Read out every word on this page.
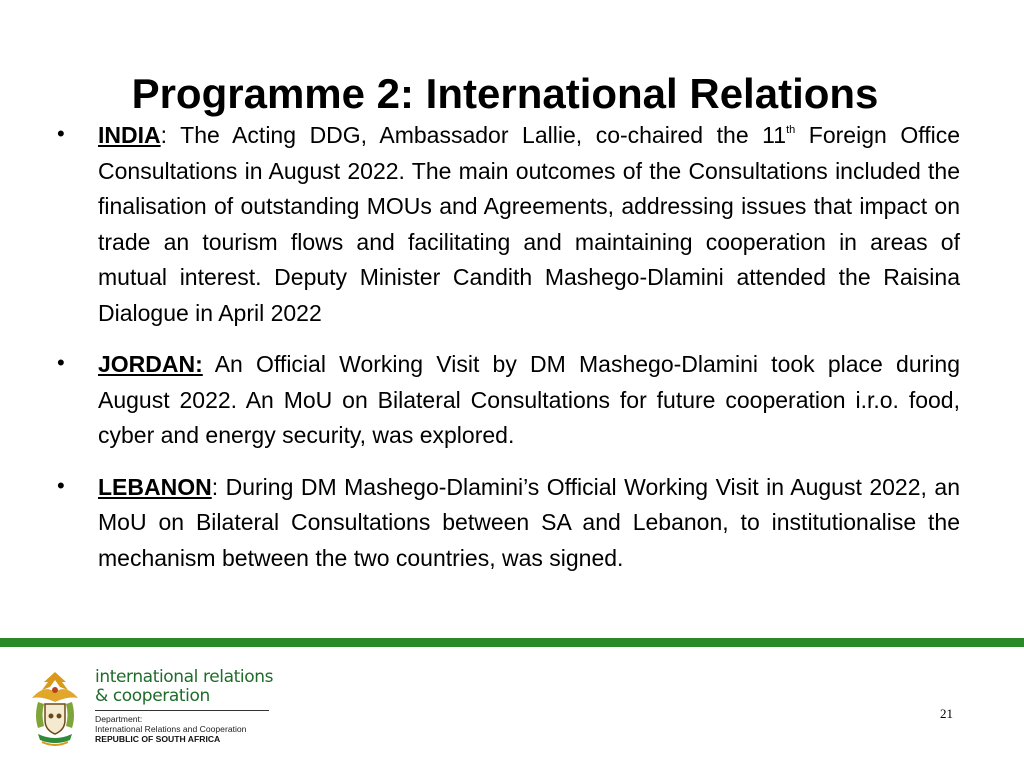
Programme 2: International Relations
• INDIA: The Acting DDG, Ambassador Lallie, co-chaired the 11th Foreign Office Consultations in August 2022. The main outcomes of the Consultations included the finalisation of outstanding MOUs and Agreements, addressing issues that impact on trade an tourism flows and facilitating and maintaining cooperation in areas of mutual interest. Deputy Minister Candith Mashego-Dlamini attended the Raisina Dialogue in April 2022
• JORDAN: An Official Working Visit by DM Mashego-Dlamini took place during August 2022. An MoU on Bilateral Consultations for future cooperation i.r.o. food, cyber and energy security, was explored.
• LEBANON: During DM Mashego-Dlamini’s Official Working Visit in August 2022, an MoU on Bilateral Consultations between SA and Lebanon, to institutionalise the mechanism between the two countries, was signed.
international relations
& cooperation
Department:
International Relations and Cooperation
REPUBLIC OF SOUTH AFRICA
21
